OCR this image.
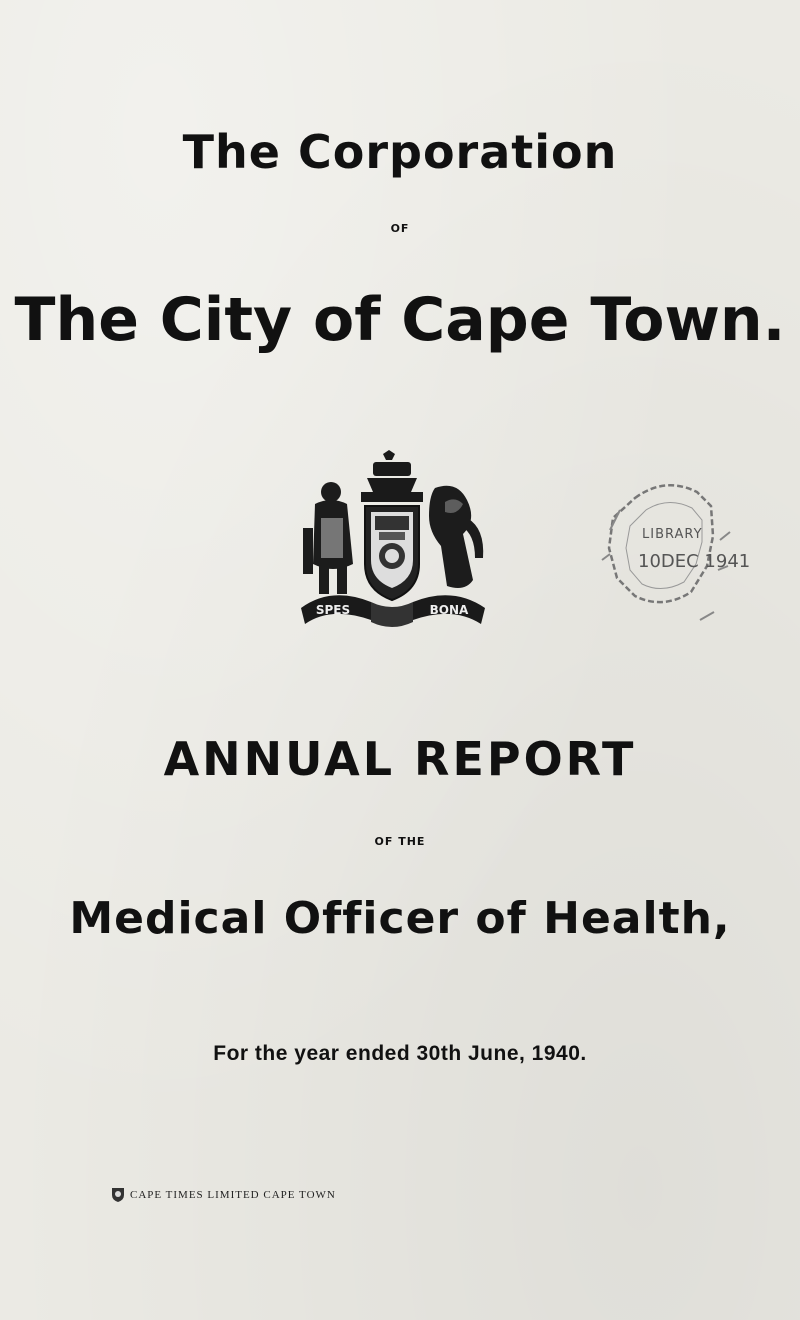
The Corporation
OF
The City of Cape Town.
SPES	BONA
LIBRARY
10DEC 1941
ANNUAL REPORT
OF THE
Medical Officer of Health,
For the year ended 30th June, 1940.
CAPE TIMES LIMITED CAPE TOWN
